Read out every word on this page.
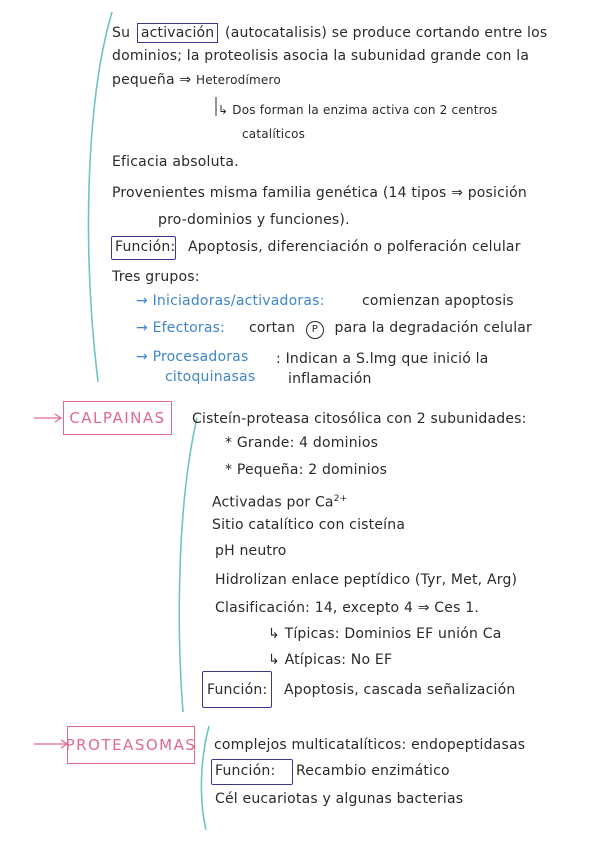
Su activación (autocatalisis) se produce cortando entre los
dominios; la proteolisis asocia la subunidad grande con la
pequeña ⇒ Heterodímero
↳ Dos forman la enzima activa con 2 centros
catalíticos
Eficacia absoluta.
Provenientes misma familia genética (14 tipos ⇒ posición
pro-dominios y funciones).
Función: Apoptosis, diferenciación o polferación celular
Tres grupos:
→ Iniciadoras/activadoras:	comienzan apoptosis
→ Efectoras: cortan P para la degradación celular
→ Procesadoras
citoquinasas
: Indican a S.lmg que inició la
inflamación
CALPAINAS	Cisteín-proteasa citosólica con 2 subunidades:
* Grande: 4 dominios
* Pequeña: 2 dominios
Activadas por $Ca^{2+}$
Sitio catalítico con cisteína
pH neutro
Hidrolizan enlace peptídico (Tyr, Met, Arg)
Clasificación: 14, excepto 4 ⇒ Ces 1.
↳ Típicas: Dominios EF unión Ca
↳ Atípicas: No EF
Función: Apoptosis, cascada señalización
PROTEASOMAS complejos multicatalíticos: endopeptidasas
Función: Recambio enzimático
Cél eucariotas y algunas bacterias
